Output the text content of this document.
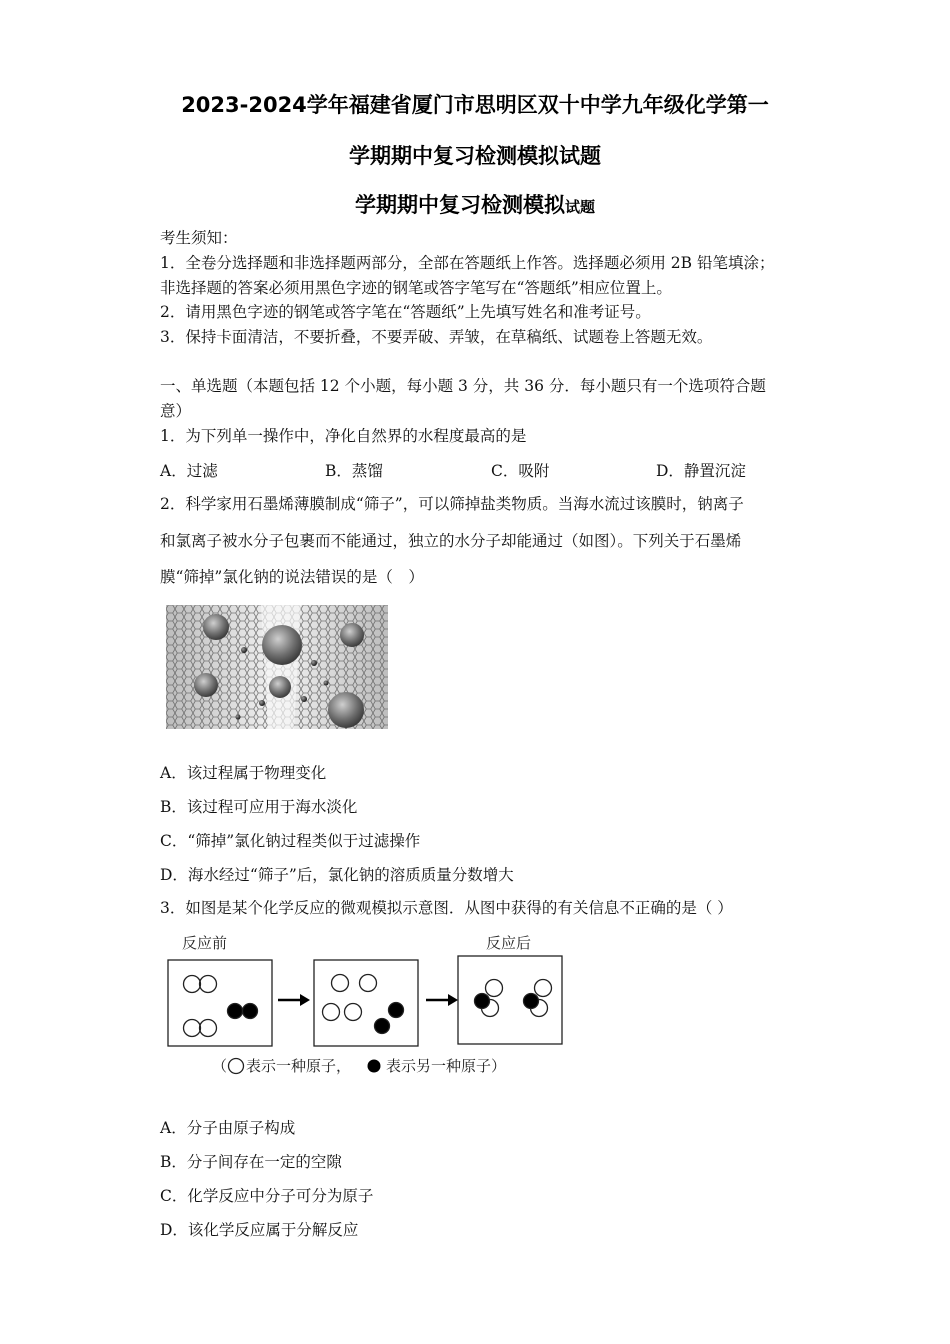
2023-2024学年福建省厦门市思明区双十中学九年级化学第一
学期期中复习检测模拟试题
学期期中复习检测模拟试题
考生须知：
1．全卷分选择题和非选择题两部分，全部在答题纸上作答。选择题必须用 2B 铅笔填涂；
非选择题的答案必须用黑色字迹的钢笔或答字笔写在“答题纸”相应位置上。
2．请用黑色字迹的钢笔或答字笔在“答题纸”上先填写姓名和准考证号。
3．保持卡面清洁，不要折叠，不要弄破、弄皱，在草稿纸、试题卷上答题无效。
一、单选题（本题包括 12 个小题，每小题 3 分，共 36 分．每小题只有一个选项符合题
意）
1．为下列单一操作中，净化自然界的水程度最高的是
A．过滤	B．蒸馏	C．吸附	D．静置沉淀
2．科学家用石墨烯薄膜制成“筛子”，可以筛掉盐类物质。当海水流过该膜时，钠离子
和氯离子被水分子包裹而不能通过，独立的水分子却能通过（如图）。下列关于石墨烯
膜“筛掉”氯化钠的说法错误的是（　）
A．该过程属于物理变化
B．该过程可应用于海水淡化
C．“筛掉”氯化钠过程类似于过滤操作
D．海水经过“筛子”后，氯化钠的溶质质量分数增大
3．如图是某个化学反应的微观模拟示意图．从图中获得的有关信息不正确的是（ ）
反应前	反应后
（ 表示一种原子， 表示另一种原子）
A．分子由原子构成
B．分子间存在一定的空隙
C．化学反应中分子可分为原子
D．该化学反应属于分解反应
